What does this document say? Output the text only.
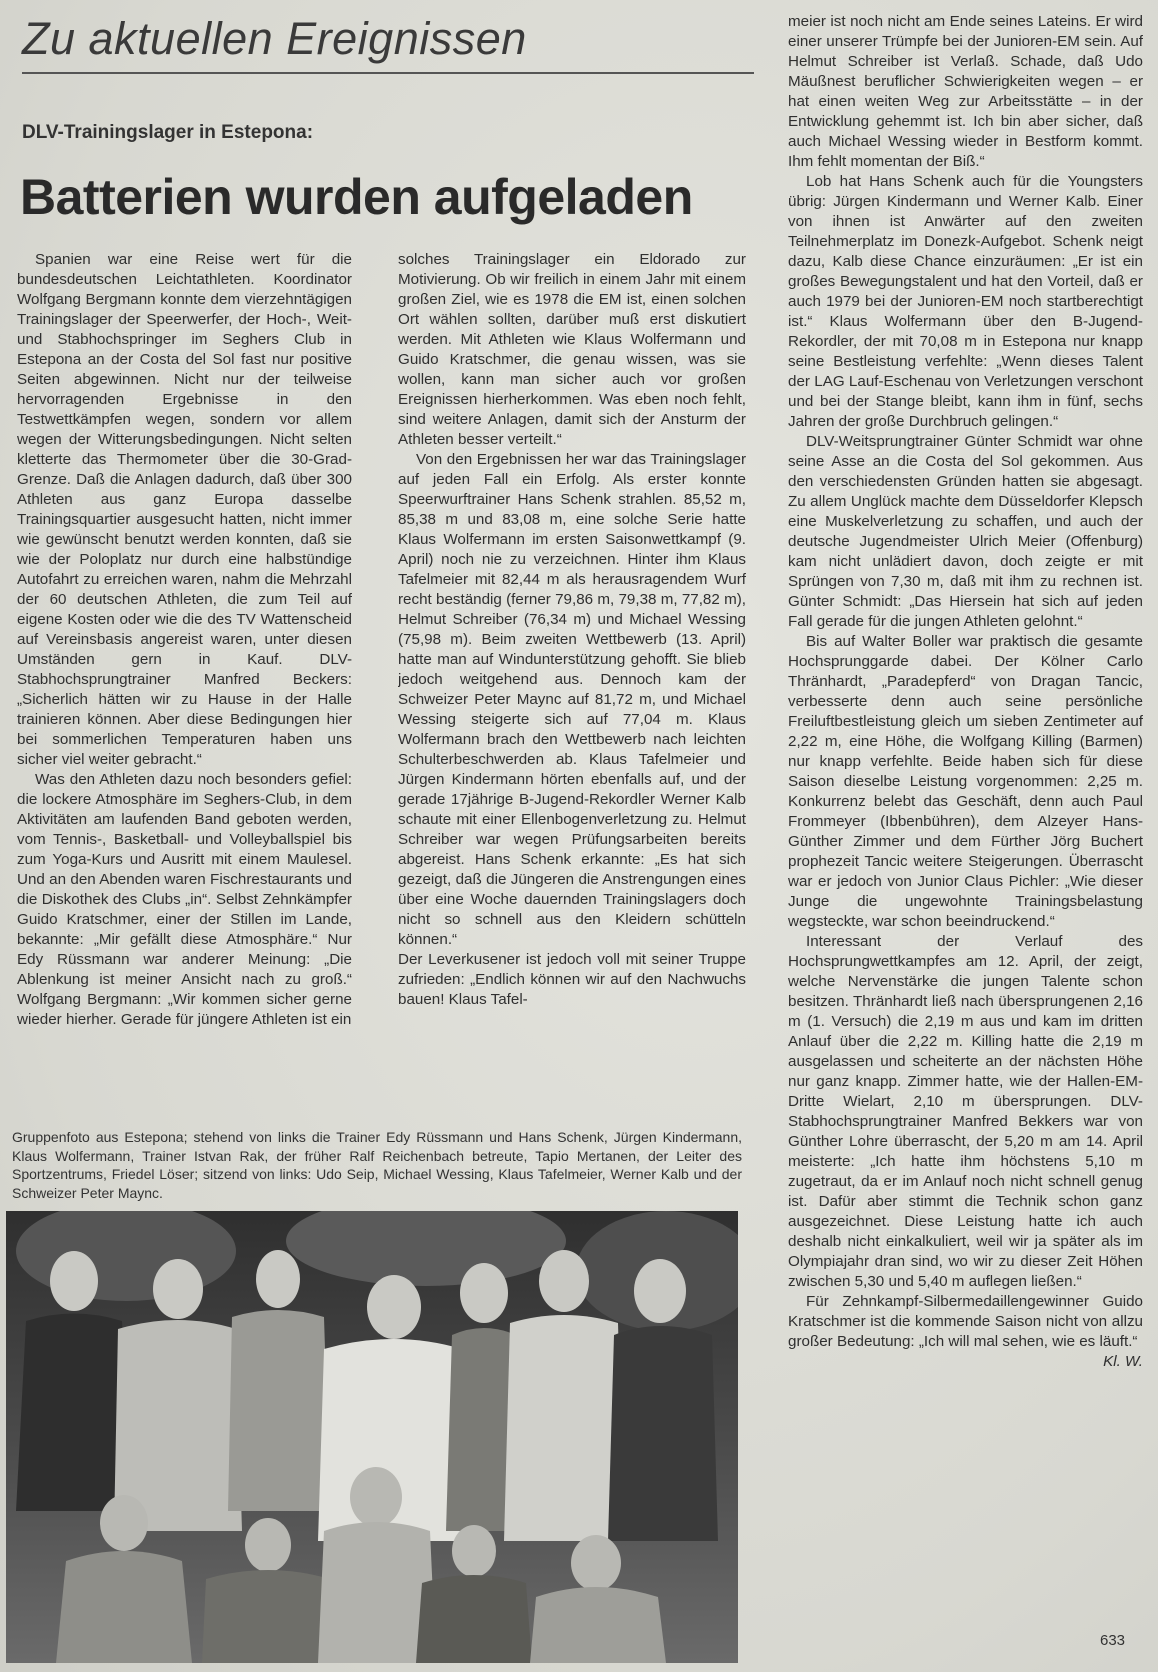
Zu aktuellen Ereignissen
DLV-Trainingslager in Estepona:
Batterien wurden aufgeladen

Spanien war eine Reise wert für die bundesdeutschen Leichtathleten. Koordinator Wolfgang Bergmann konnte dem vierzehntägigen Trainingslager der Speerwerfer, der Hoch-, Weit- und Stabhochspringer im Seghers Club in Estepona an der Costa del Sol fast nur positive Seiten abgewinnen. Nicht nur der teilweise hervorragenden Ergebnisse in den Testwettkämpfen wegen, sondern vor allem wegen der Witterungsbedingungen. Nicht selten kletterte das Thermometer über die 30-Grad-Grenze. Daß die Anlagen dadurch, daß über 300 Athleten aus ganz Europa dasselbe Trainingsquartier ausgesucht hatten, nicht immer wie gewünscht benutzt werden konnten, daß sie wie der Poloplatz nur durch eine halbstündige Autofahrt zu erreichen waren, nahm die Mehrzahl der 60 deutschen Athleten, die zum Teil auf eigene Kosten oder wie die des TV Wattenscheid auf Vereinsbasis angereist waren, unter diesen Umständen gern in Kauf. DLV-Stabhochsprungtrainer Manfred Beckers: „Sicherlich hätten wir zu Hause in der Halle trainieren können. Aber diese Bedingungen hier bei sommerlichen Temperaturen haben uns sicher viel weiter gebracht.“

Was den Athleten dazu noch besonders gefiel: die lockere Atmosphäre im Seghers-Club, in dem Aktivitäten am laufenden Band geboten werden, vom Tennis-, Basketball- und Volleyballspiel bis zum Yoga-Kurs und Ausritt mit einem Maulesel. Und an den Abenden waren Fischrestaurants und die Diskothek des Clubs „in“. Selbst Zehnkämpfer Guido Kratschmer, einer der Stillen im Lande, bekannte: „Mir gefällt diese Atmosphäre.“ Nur Edy Rüssmann war anderer Meinung: „Die Ablenkung ist meiner Ansicht nach zu groß.“ Wolfgang Bergmann: „Wir kommen sicher gerne wieder hierher. Gerade für jüngere Athleten ist ein

solches Trainingslager ein Eldorado zur Motivierung. Ob wir freilich in einem Jahr mit einem großen Ziel, wie es 1978 die EM ist, einen solchen Ort wählen sollten, darüber muß erst diskutiert werden. Mit Athleten wie Klaus Wolfermann und Guido Kratschmer, die genau wissen, was sie wollen, kann man sicher auch vor großen Ereignissen hierherkommen. Was eben noch fehlt, sind weitere Anlagen, damit sich der Ansturm der Athleten besser verteilt.“

Von den Ergebnissen her war das Trainingslager auf jeden Fall ein Erfolg. Als erster konnte Speerwurftrainer Hans Schenk strahlen. 85,52 m, 85,38 m und 83,08 m, eine solche Serie hatte Klaus Wolfermann im ersten Saisonwettkampf (9. April) noch nie zu verzeichnen. Hinter ihm Klaus Tafelmeier mit 82,44 m als herausragendem Wurf recht beständig (ferner 79,86 m, 79,38 m, 77,82 m), Helmut Schreiber (76,34 m) und Michael Wessing (75,98 m). Beim zweiten Wettbewerb (13. April) hatte man auf Windunterstützung gehofft. Sie blieb jedoch weitgehend aus. Dennoch kam der Schweizer Peter Maync auf 81,72 m, und Michael Wessing steigerte sich auf 77,04 m. Klaus Wolfermann brach den Wettbewerb nach leichten Schulterbeschwerden ab. Klaus Tafelmeier und Jürgen Kindermann hörten ebenfalls auf, und der gerade 17jährige B-Jugend-Rekordler Werner Kalb schaute mit einer Ellenbogenverletzung zu. Helmut Schreiber war wegen Prüfungsarbeiten bereits abgereist. Hans Schenk erkannte: „Es hat sich gezeigt, daß die Jüngeren die Anstrengungen eines über eine Woche dauernden Trainingslagers doch nicht so schnell aus den Kleidern schütteln können.“

Der Leverkusener ist jedoch voll mit seiner Truppe zufrieden: „Endlich können wir auf den Nachwuchs bauen! Klaus Tafel-

meier ist noch nicht am Ende seines Lateins. Er wird einer unserer Trümpfe bei der Junioren-EM sein. Auf Helmut Schreiber ist Verlaß. Schade, daß Udo Mäußnest beruflicher Schwierigkeiten wegen – er hat einen weiten Weg zur Arbeitsstätte – in der Entwicklung gehemmt ist. Ich bin aber sicher, daß auch Michael Wessing wieder in Bestform kommt. Ihm fehlt momentan der Biß.“

Lob hat Hans Schenk auch für die Youngsters übrig: Jürgen Kindermann und Werner Kalb. Einer von ihnen ist Anwärter auf den zweiten Teilnehmerplatz im Donezk-Aufgebot. Schenk neigt dazu, Kalb diese Chance einzuräumen: „Er ist ein großes Bewegungstalent und hat den Vorteil, daß er auch 1979 bei der Junioren-EM noch startberechtigt ist.“ Klaus Wolfermann über den B-Jugend-Rekordler, der mit 70,08 m in Estepona nur knapp seine Bestleistung verfehlte: „Wenn dieses Talent der LAG Lauf-Eschenau von Verletzungen verschont und bei der Stange bleibt, kann ihm in fünf, sechs Jahren der große Durchbruch gelingen.“

DLV-Weitsprungtrainer Günter Schmidt war ohne seine Asse an die Costa del Sol gekommen. Aus den verschiedensten Gründen hatten sie abgesagt. Zu allem Unglück machte dem Düsseldorfer Klepsch eine Muskelverletzung zu schaffen, und auch der deutsche Jugendmeister Ulrich Meier (Offenburg) kam nicht unlädiert davon, doch zeigte er mit Sprüngen von 7,30 m, daß mit ihm zu rechnen ist. Günter Schmidt: „Das Hiersein hat sich auf jeden Fall gerade für die jungen Athleten gelohnt.“

Bis auf Walter Boller war praktisch die gesamte Hochsprunggarde dabei. Der Kölner Carlo Thränhardt, „Paradepferd“ von Dragan Tancic, verbesserte denn auch seine persönliche Freiluftbestleistung gleich um sieben Zentimeter auf 2,22 m, eine Höhe, die Wolfgang Killing (Barmen) nur knapp verfehlte. Beide haben sich für diese Saison dieselbe Leistung vorgenommen: 2,25 m. Konkurrenz belebt das Geschäft, denn auch Paul Frommeyer (Ibbenbühren), dem Alzeyer Hans-Günther Zimmer und dem Fürther Jörg Buchert prophezeit Tancic weitere Steigerungen. Überrascht war er jedoch von Junior Claus Pichler: „Wie dieser Junge die ungewohnte Trainingsbelastung wegsteckte, war schon beeindruckend.“

Interessant der Verlauf des Hochsprungwettkampfes am 12. April, der zeigt, welche Nervenstärke die jungen Talente schon besitzen. Thränhardt ließ nach übersprungenen 2,16 m (1. Versuch) die 2,19 m aus und kam im dritten Anlauf über die 2,22 m. Killing hatte die 2,19 m ausgelassen und scheiterte an der nächsten Höhe nur ganz knapp. Zimmer hatte, wie der Hallen-EM-Dritte Wielart, 2,10 m übersprungen. DLV-Stabhochsprungtrainer Manfred Bekkers war von Günther Lohre überrascht, der 5,20 m am 14. April meisterte: „Ich hatte ihm höchstens 5,10 m zugetraut, da er im Anlauf noch nicht schnell genug ist. Dafür aber stimmt die Technik schon ganz ausgezeichnet. Diese Leistung hatte ich auch deshalb nicht einkalkuliert, weil wir ja später als im Olympiajahr dran sind, wo wir zu dieser Zeit Höhen zwischen 5,30 und 5,40 m auflegen ließen.“

Für Zehnkampf-Silbermedaillengewinner Guido Kratschmer ist die kommende Saison nicht von allzu großer Bedeutung: „Ich will mal sehen, wie es läuft.“

Kl. W.
Gruppenfoto aus Estepona; stehend von links die Trainer Edy Rüssmann und Hans Schenk, Jürgen Kindermann, Klaus Wolfermann, Trainer Istvan Rak, der früher Ralf Reichenbach betreute, Tapio Mertanen, der Leiter des Sportzentrums, Friedel Löser; sitzend von links: Udo Seip, Michael Wessing, Klaus Tafelmeier, Werner Kalb und der Schweizer Peter Maync.
633
